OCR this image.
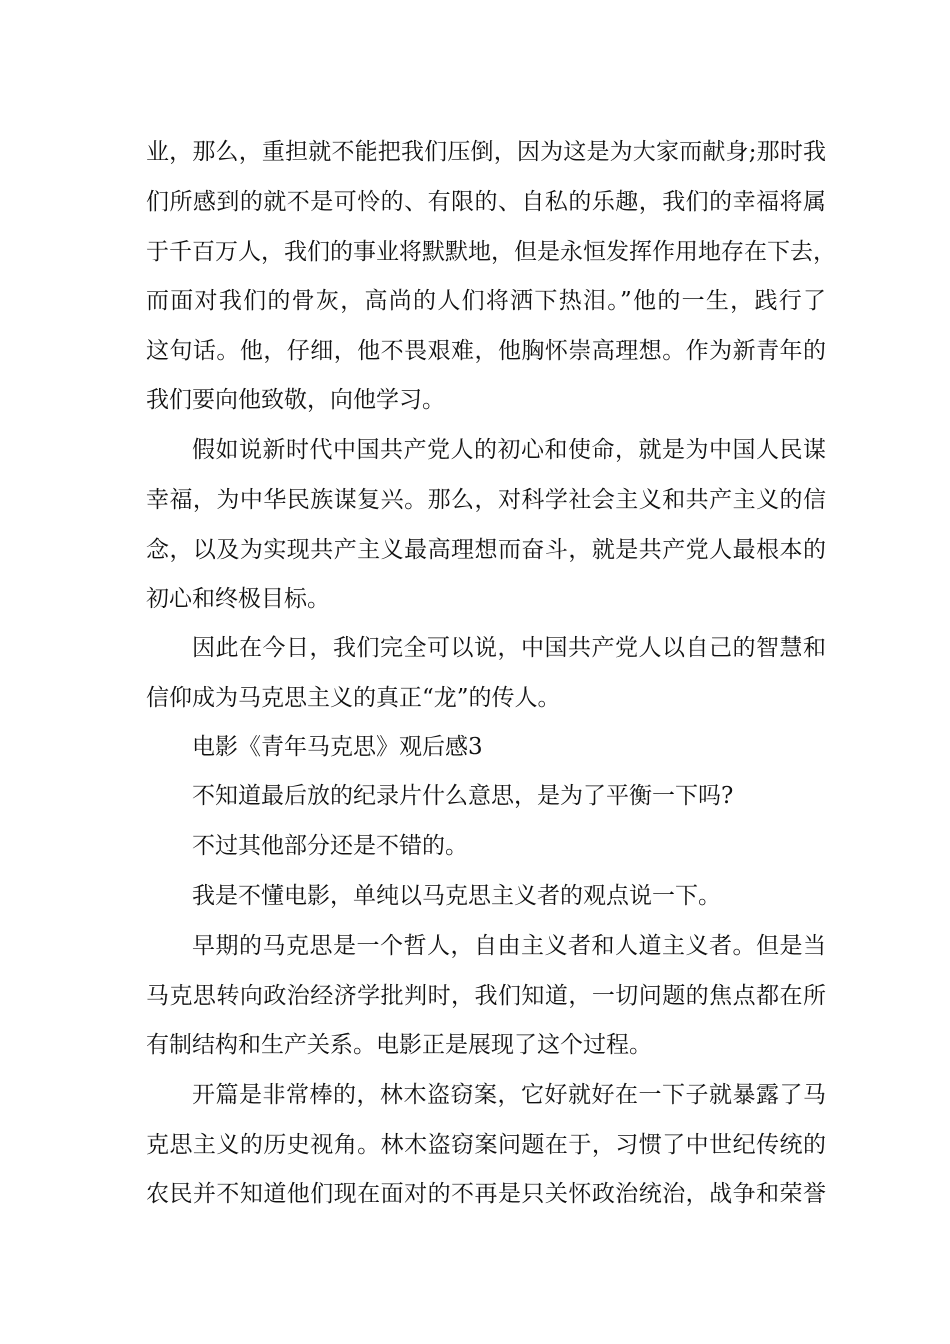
业，那么，重担就不能把我们压倒，因为这是为大家而献身;那时我
们所感到的就不是可怜的、有限的、自私的乐趣，我们的幸福将属
于千百万人，我们的事业将默默地，但是永恒发挥作用地存在下去，
而面对我们的骨灰，高尚的人们将洒下热泪。”他的一生，践行了
这句话。他，仔细，他不畏艰难，他胸怀崇高理想。作为新青年的
我们要向他致敬，向他学习。
假如说新时代中国共产党人的初心和使命，就是为中国人民谋
幸福，为中华民族谋复兴。那么，对科学社会主义和共产主义的信
念，以及为实现共产主义最高理想而奋斗，就是共产党人最根本的
初心和终极目标。
因此在今日，我们完全可以说，中国共产党人以自己的智慧和
信仰成为马克思主义的真正“龙”的传人。
电影《青年马克思》观后感3
不知道最后放的纪录片什么意思，是为了平衡一下吗?
不过其他部分还是不错的。
我是不懂电影，单纯以马克思主义者的观点说一下。
早期的马克思是一个哲人，自由主义者和人道主义者。但是当
马克思转向政治经济学批判时，我们知道，一切问题的焦点都在所
有制结构和生产关系。电影正是展现了这个过程。
开篇是非常棒的，林木盗窃案，它好就好在一下子就暴露了马
克思主义的历史视角。林木盗窃案问题在于，习惯了中世纪传统的
农民并不知道他们现在面对的不再是只关怀政治统治，战争和荣誉
